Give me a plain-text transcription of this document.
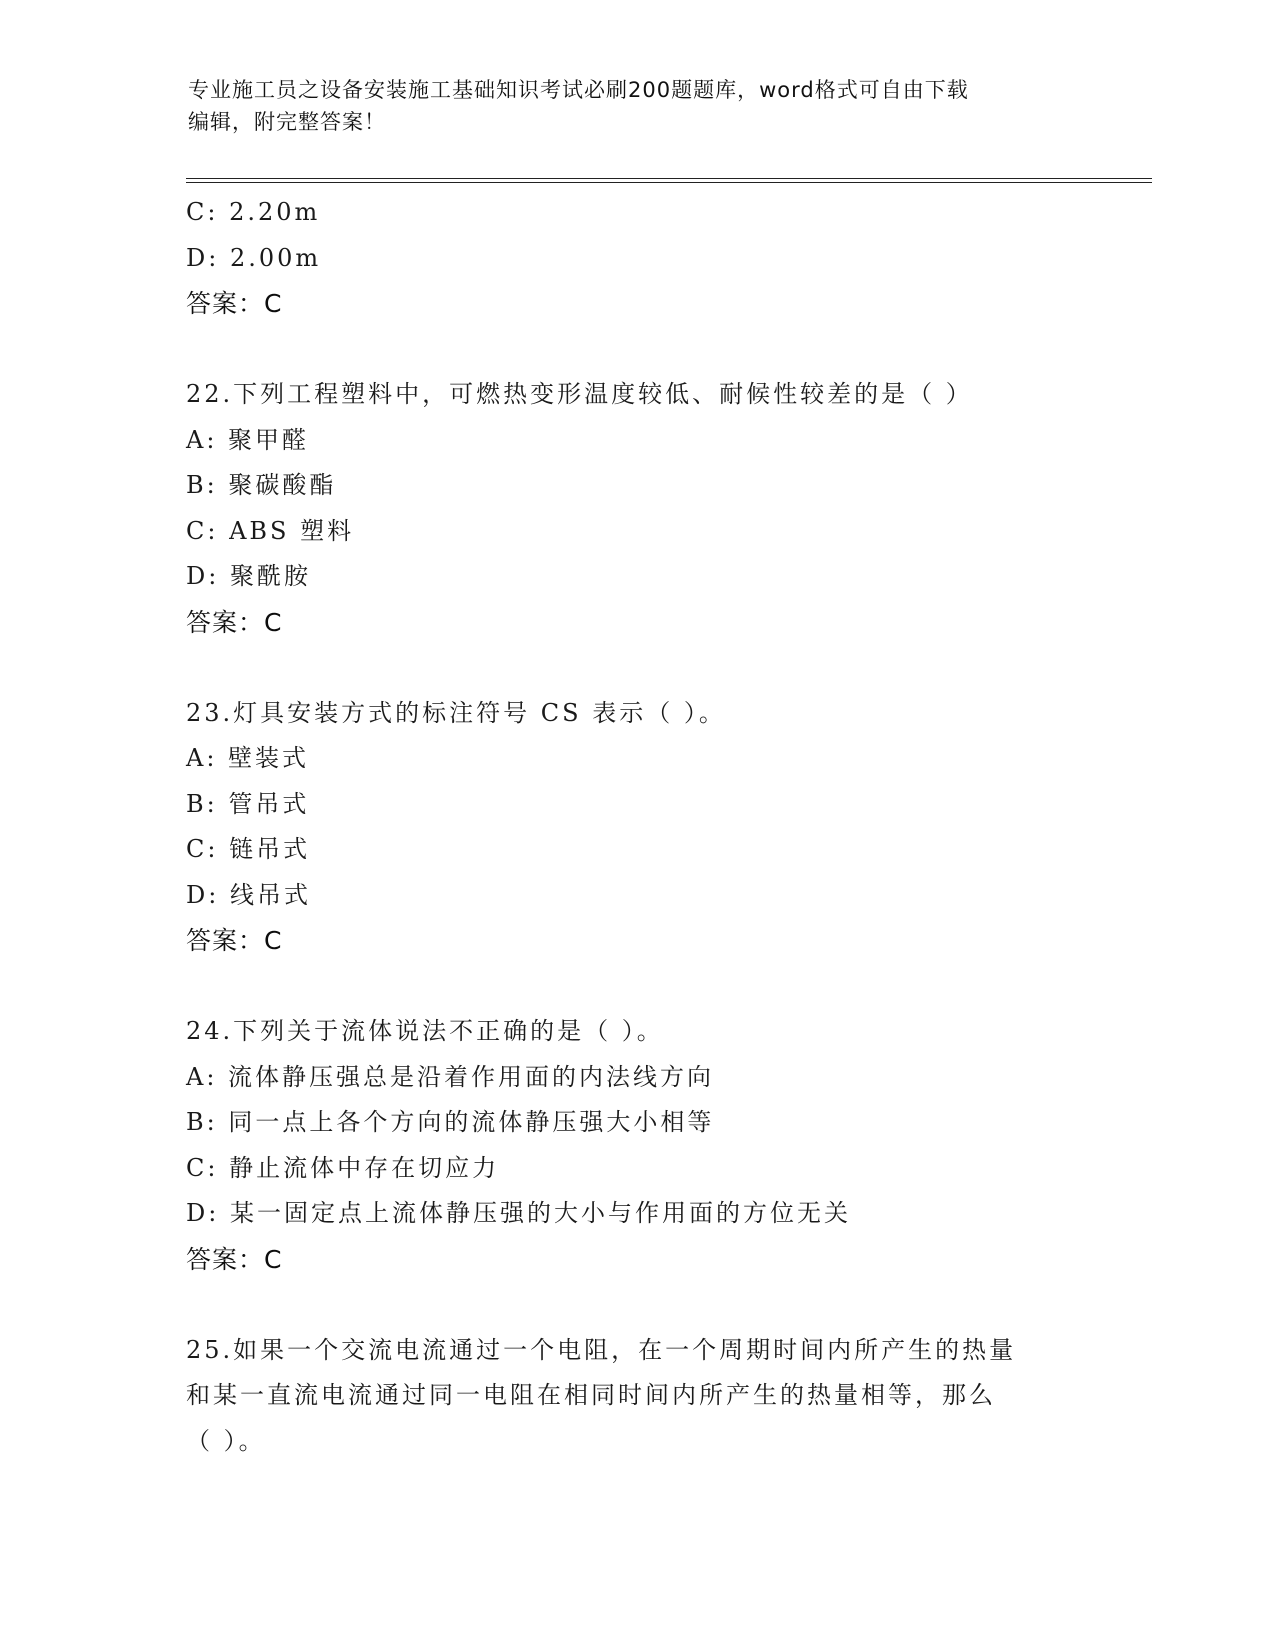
专业施工员之设备安装施工基础知识考试必刷200题题库，word格式可自由下载
编辑，附完整答案！
C: 2.20m
D: 2.00m
答案：C
22.下列工程塑料中，可燃热变形温度较低、耐候性较差的是（ ）
A: 聚甲醛
B: 聚碳酸酯
C: ABS 塑料
D: 聚酰胺
答案：C
23.灯具安装方式的标注符号 CS 表示（ ）。
A: 壁装式
B: 管吊式
C: 链吊式
D: 线吊式
答案：C
24.下列关于流体说法不正确的是（ ）。
A: 流体静压强总是沿着作用面的内法线方向
B: 同一点上各个方向的流体静压强大小相等
C: 静止流体中存在切应力
D: 某一固定点上流体静压强的大小与作用面的方位无关
答案：C
25.如果一个交流电流通过一个电阻，在一个周期时间内所产生的热量
和某一直流电流通过同一电阻在相同时间内所产生的热量相等，那么
（ ）。
